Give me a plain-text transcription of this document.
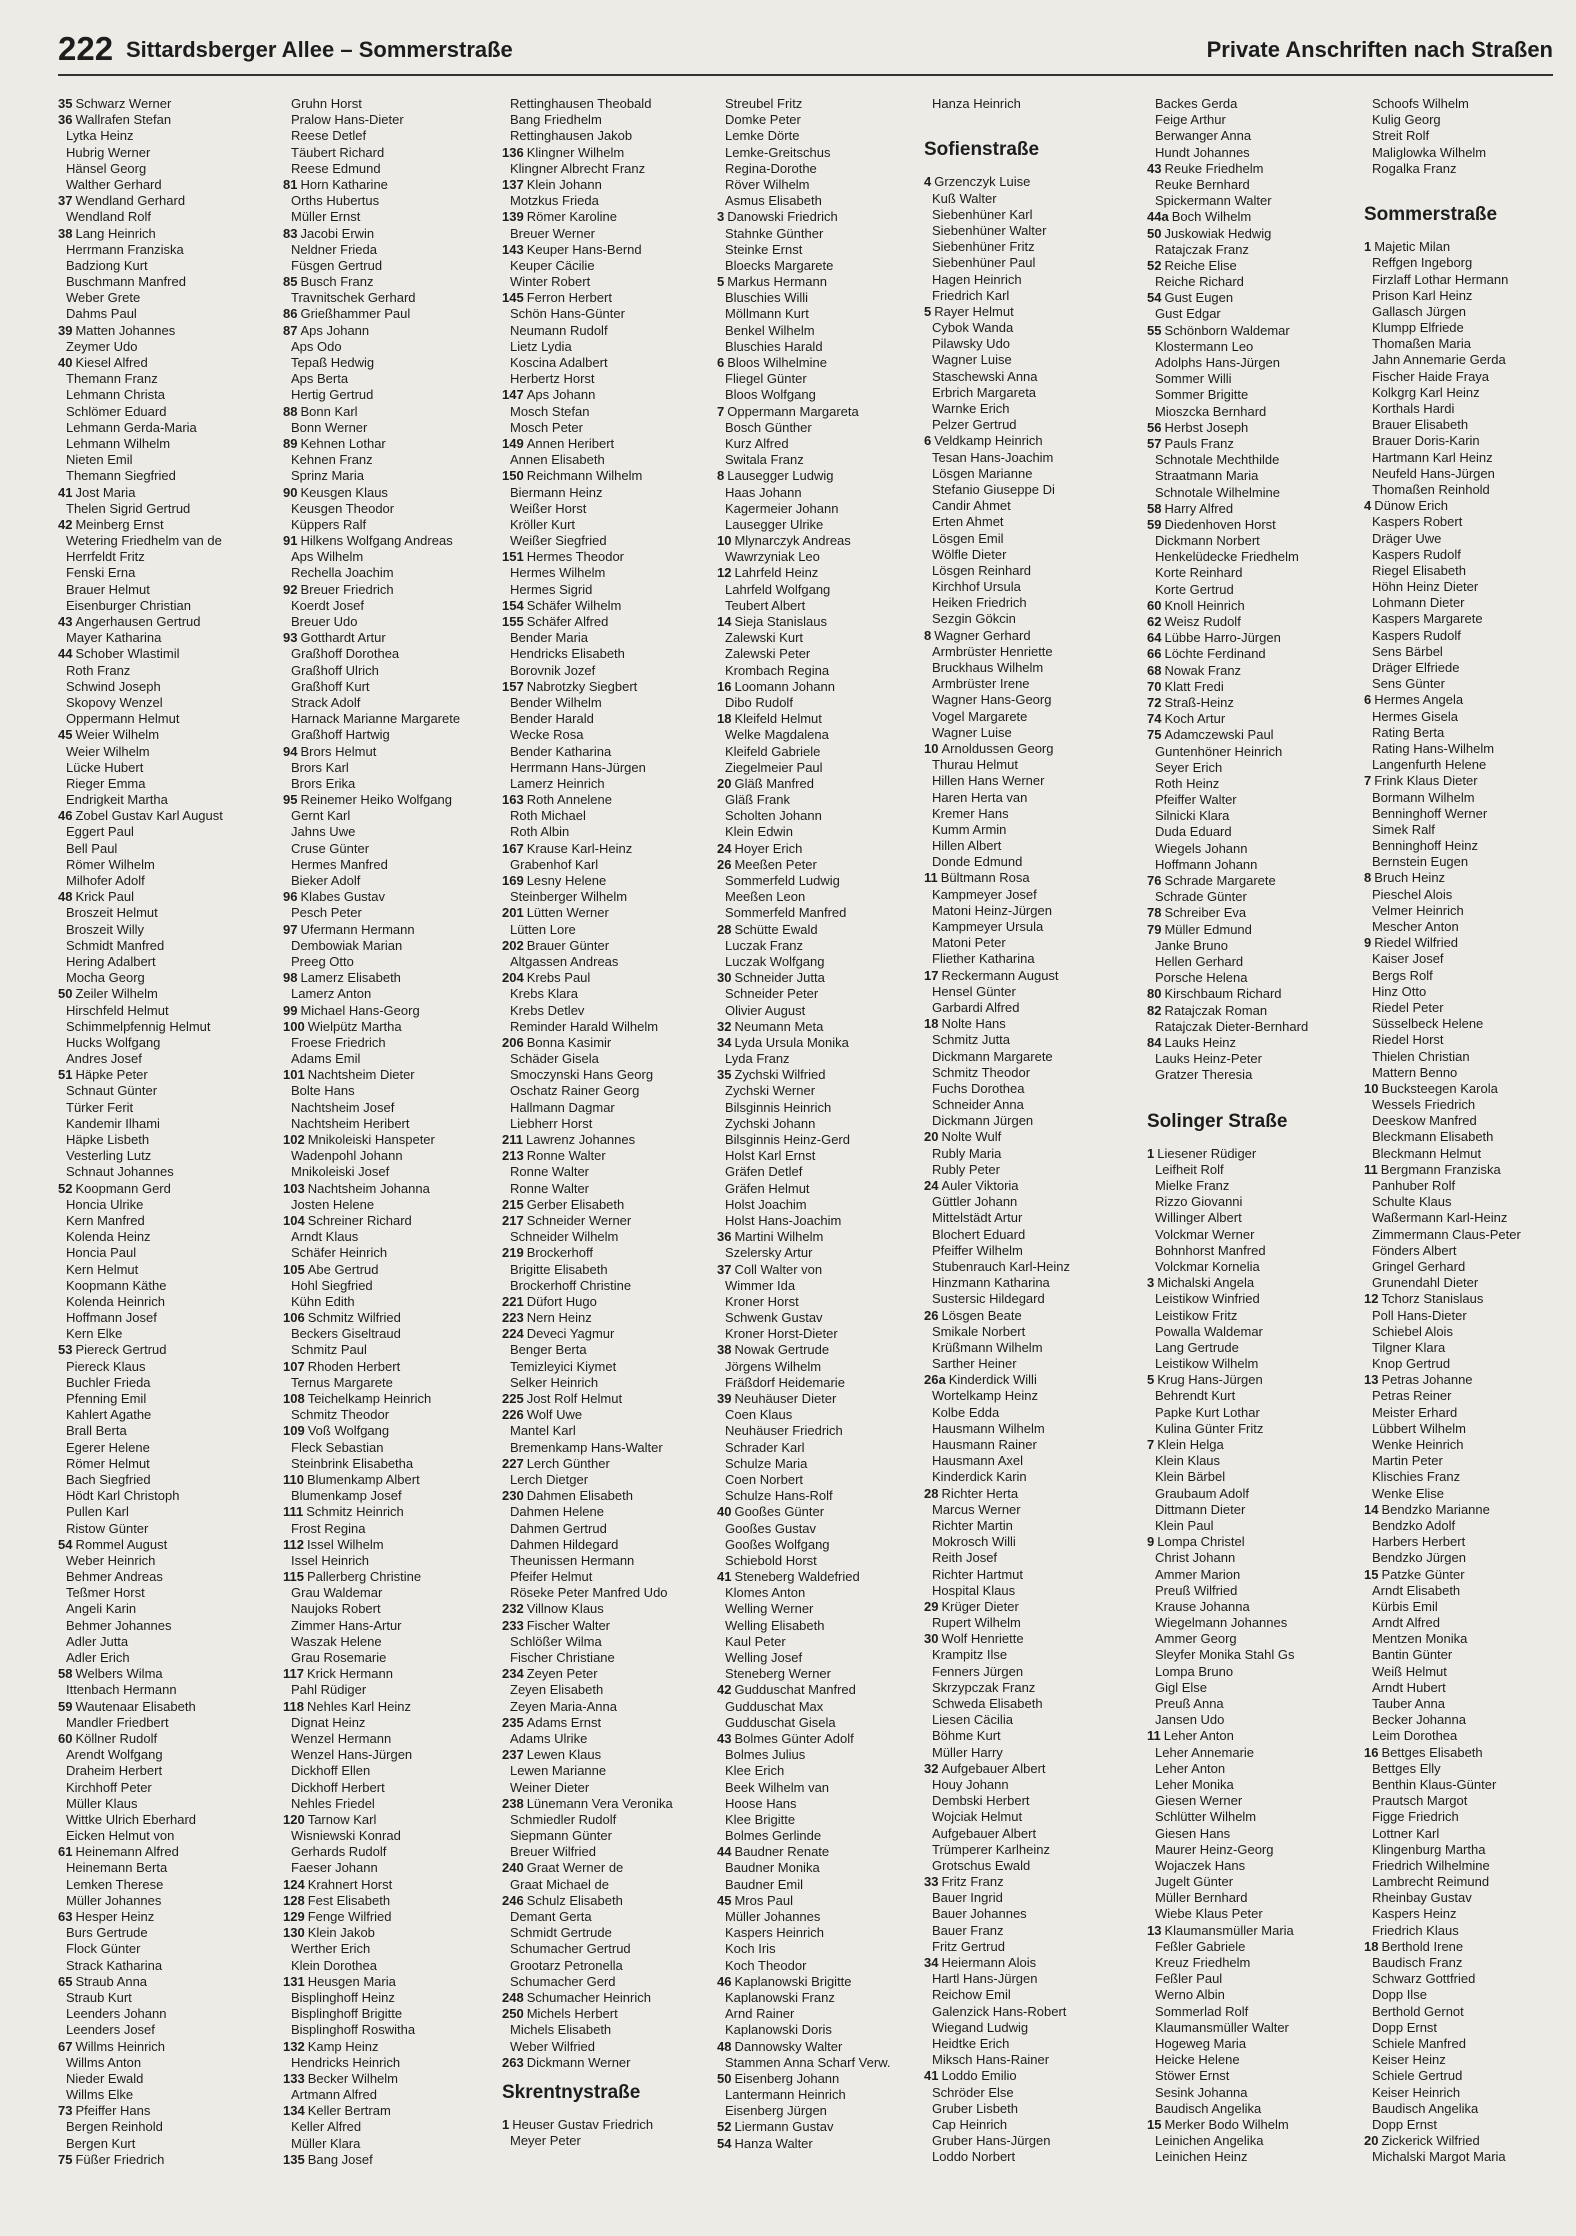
222 Sittardsberger Allee – Sommerstraße	Private Anschriften nach Straßen
35 Schwarz Werner
36 Wallrafen Stefan
Lytka Heinz
Hubrig Werner
Hänsel Georg
Walther Gerhard
37 Wendland Gerhard
Wendland Rolf
38 Lang Heinrich
Herrmann Franziska
Badziong Kurt
Buschmann Manfred
Weber Grete
Dahms Paul
39 Matten Johannes
Zeymer Udo
40 Kiesel Alfred
Themann Franz
Lehmann Christa
Schlömer Eduard
Lehmann Gerda-Maria
Lehmann Wilhelm
Nieten Emil
Themann Siegfried
41 Jost Maria
Thelen Sigrid Gertrud
42 Meinberg Ernst
Wetering Friedhelm van de
Herrfeldt Fritz
Fenski Erna
Brauer Helmut
Eisenburger Christian
43 Angerhausen Gertrud
Mayer Katharina
44 Schober Wlastimil
Roth Franz
Schwind Joseph
Skopovy Wenzel
Oppermann Helmut
45 Weier Wilhelm
Weier Wilhelm
Lücke Hubert
Rieger Emma
Endrigkeit Martha
46 Zobel Gustav Karl August
Eggert Paul
Bell Paul
Römer Wilhelm
Milhofer Adolf
48 Krick Paul
Broszeit Helmut
Broszeit Willy
Schmidt Manfred
Hering Adalbert
Mocha Georg
50 Zeiler Wilhelm
Hirschfeld Helmut
Schimmelpfennig Helmut
Hucks Wolfgang
Andres Josef
51 Häpke Peter
Schnaut Günter
Türker Ferit
Kandemir Ilhami
Häpke Lisbeth
Vesterling Lutz
Schnaut Johannes
52 Koopmann Gerd
Honcia Ulrike
Kern Manfred
Kolenda Heinz
Honcia Paul
Kern Helmut
Koopmann Käthe
Kolenda Heinrich
Hoffmann Josef
Kern Elke
53 Piereck Gertrud
Piereck Klaus
Buchler Frieda
Pfenning Emil
Kahlert Agathe
Brall Berta
Egerer Helene
Römer Helmut
Bach Siegfried
Hödt Karl Christoph
Pullen Karl
Ristow Günter
54 Rommel August
Weber Heinrich
Behmer Andreas
Teßmer Horst
Angeli Karin
Behmer Johannes
Adler Jutta
Adler Erich
58 Welbers Wilma
Ittenbach Hermann
59 Wautenaar Elisabeth
Mandler Friedbert
60 Köllner Rudolf
Arendt Wolfgang
Draheim Herbert
Kirchhoff Peter
Müller Klaus
Wittke Ulrich Eberhard
Eicken Helmut von
61 Heinemann Alfred
Heinemann Berta
Lemken Therese
Müller Johannes
63 Hesper Heinz
Burs Gertrude
Flock Günter
Strack Katharina
65 Straub Anna
Straub Kurt
Leenders Johann
Leenders Josef
67 Willms Heinrich
Willms Anton
Nieder Ewald
Willms Elke
73 Pfeiffer Hans
Bergen Reinhold
Bergen Kurt
75 Füßer Friedrich
Gruhn Horst
Pralow Hans-Dieter
Reese Detlef
Täubert Richard
Reese Edmund
81 Horn Katharine
Orths Hubertus
Müller Ernst
83 Jacobi Erwin
Neldner Frieda
Füsgen Gertrud
85 Busch Franz
Travnitschek Gerhard
86 Grießhammer Paul
87 Aps Johann
Aps Odo
Tepaß Hedwig
Aps Berta
Hertig Gertrud
88 Bonn Karl
Bonn Werner
89 Kehnen Lothar
Kehnen Franz
Sprinz Maria
90 Keusgen Klaus
Keusgen Theodor
Küppers Ralf
91 Hilkens Wolfgang Andreas
Aps Wilhelm
Rechella Joachim
92 Breuer Friedrich
Koerdt Josef
Breuer Udo
93 Gotthardt Artur
Graßhoff Dorothea
Graßhoff Ulrich
Graßhoff Kurt
Strack Adolf
Harnack Marianne Margarete
Graßhoff Hartwig
94 Brors Helmut
Brors Karl
Brors Erika
95 Reinemer Heiko Wolfgang
Gernt Karl
Jahns Uwe
Cruse Günter
Hermes Manfred
Bieker Adolf
96 Klabes Gustav
Pesch Peter
97 Ufermann Hermann
Dembowiak Marian
Preeg Otto
98 Lamerz Elisabeth
Lamerz Anton
99 Michael Hans-Georg
100 Wielpütz Martha
Froese Friedrich
Adams Emil
101 Nachtsheim Dieter
Bolte Hans
Nachtsheim Josef
Nachtsheim Heribert
102 Mnikoleiski Hanspeter
Wadenpohl Johann
Mnikoleiski Josef
103 Nachtsheim Johanna
Josten Helene
104 Schreiner Richard
Arndt Klaus
Schäfer Heinrich
105 Abe Gertrud
Hohl Siegfried
Kühn Edith
106 Schmitz Wilfried
Beckers Giseltraud
Schmitz Paul
107 Rhoden Herbert
Ternus Margarete
108 Teichelkamp Heinrich
Schmitz Theodor
109 Voß Wolfgang
Fleck Sebastian
Steinbrink Elisabetha
110 Blumenkamp Albert
Blumenkamp Josef
111 Schmitz Heinrich
Frost Regina
112 Issel Wilhelm
Issel Heinrich
115 Pallerberg Christine
Grau Waldemar
Naujoks Robert
Zimmer Hans-Artur
Waszak Helene
Grau Rosemarie
117 Krick Hermann
Pahl Rüdiger
118 Nehles Karl Heinz
Dignat Heinz
Wenzel Hermann
Wenzel Hans-Jürgen
Dickhoff Ellen
Dickhoff Herbert
Nehles Friedel
120 Tarnow Karl
Wisniewski Konrad
Gerhards Rudolf
Faeser Johann
124 Krahnert Horst
128 Fest Elisabeth
129 Fenge Wilfried
130 Klein Jakob
Werther Erich
Klein Dorothea
131 Heusgen Maria
Bisplinghoff Heinz
Bisplinghoff Brigitte
Bisplinghoff Roswitha
132 Kamp Heinz
Hendricks Heinrich
133 Becker Wilhelm
Artmann Alfred
134 Keller Bertram
Keller Alfred
Müller Klara
135 Bang Josef
Rettinghausen Theobald
Bang Friedhelm
Rettinghausen Jakob
136 Klingner Wilhelm
Klingner Albrecht Franz
137 Klein Johann
Motzkus Frieda
139 Römer Karoline
Breuer Werner
143 Keuper Hans-Bernd
Keuper Cäcilie
Winter Robert
145 Ferron Herbert
Schön Hans-Günter
Neumann Rudolf
Lietz Lydia
Koscina Adalbert
Herbertz Horst
147 Aps Johann
Mosch Stefan
Mosch Peter
149 Annen Heribert
Annen Elisabeth
150 Reichmann Wilhelm
Biermann Heinz
Weißer Horst
Kröller Kurt
Weißer Siegfried
151 Hermes Theodor
Hermes Wilhelm
Hermes Sigrid
154 Schäfer Wilhelm
155 Schäfer Alfred
Bender Maria
Hendricks Elisabeth
Borovnik Jozef
157 Nabrotzky Siegbert
Bender Wilhelm
Bender Harald
Wecke Rosa
Bender Katharina
Herrmann Hans-Jürgen
Lamerz Heinrich
163 Roth Annelene
Roth Michael
Roth Albin
167 Krause Karl-Heinz
Grabenhof Karl
169 Lesny Helene
Steinberger Wilhelm
201 Lütten Werner
Lütten Lore
202 Brauer Günter
Altgassen Andreas
204 Krebs Paul
Krebs Klara
Krebs Detlev
Reminder Harald Wilhelm
206 Bonna Kasimir
Schäder Gisela
Smoczynski Hans Georg
Oschatz Rainer Georg
Hallmann Dagmar
Liebherr Horst
211 Lawrenz Johannes
213 Ronne Walter
Ronne Walter
Ronne Walter
215 Gerber Elisabeth
217 Schneider Werner
Schneider Wilhelm
219 Brockerhoff
Brigitte Elisabeth
Brockerhoff Christine
221 Düfort Hugo
223 Nern Heinz
224 Deveci Yagmur
Benger Berta
Temizleyici Kiymet
Selker Heinrich
225 Jost Rolf Helmut
226 Wolf Uwe
Mantel Karl
Bremenkamp Hans-Walter
227 Lerch Günther
Lerch Dietger
230 Dahmen Elisabeth
Dahmen Helene
Dahmen Gertrud
Dahmen Hildegard
Theunissen Hermann
Pfeifer Helmut
Röseke Peter Manfred Udo
232 Villnow Klaus
233 Fischer Walter
Schlößer Wilma
Fischer Christiane
234 Zeyen Peter
Zeyen Elisabeth
Zeyen Maria-Anna
235 Adams Ernst
Adams Ulrike
237 Lewen Klaus
Lewen Marianne
Weiner Dieter
238 Lünemann Vera Veronika
Schmiedler Rudolf
Siepmann Günter
Breuer Wilfried
240 Graat Werner de
Graat Michael de
246 Schulz Elisabeth
Demant Gerta
Schmidt Gertrude
Schumacher Gertrud
Grootarz Petronella
Schumacher Gerd
248 Schumacher Heinrich
250 Michels Herbert
Michels Elisabeth
Weber Wilfried
263 Dickmann Werner
Skrentnystraße
1 Heuser Gustav Friedrich
Meyer Peter
Streubel Fritz
Domke Peter
Lemke Dörte
Lemke-Greitschus
Regina-Dorothe
Röver Wilhelm
Asmus Elisabeth
3 Danowski Friedrich
Stahnke Günther
Steinke Ernst
Bloecks Margarete
5 Markus Hermann
Bluschies Willi
Möllmann Kurt
Benkel Wilhelm
Bluschies Harald
6 Bloos Wilhelmine
Fliegel Günter
Bloos Wolfgang
7 Oppermann Margareta
Bosch Günther
Kurz Alfred
Switala Franz
8 Lausegger Ludwig
Haas Johann
Kagermeier Johann
Lausegger Ulrike
10 Mlynarczyk Andreas
Wawrzyniak Leo
12 Lahrfeld Heinz
Lahrfeld Wolfgang
Teubert Albert
14 Sieja Stanislaus
Zalewski Kurt
Zalewski Peter
Krombach Regina
16 Loomann Johann
Dibo Rudolf
18 Kleifeld Helmut
Welke Magdalena
Kleifeld Gabriele
Ziegelmeier Paul
20 Gläß Manfred
Gläß Frank
Scholten Johann
Klein Edwin
24 Hoyer Erich
26 Meeßen Peter
Sommerfeld Ludwig
Meeßen Leon
Sommerfeld Manfred
28 Schütte Ewald
Luczak Franz
Luczak Wolfgang
30 Schneider Jutta
Schneider Peter
Olivier August
32 Neumann Meta
34 Lyda Ursula Monika
Lyda Franz
35 Zychski Wilfried
Zychski Werner
Bilsginnis Heinrich
Zychski Johann
Bilsginnis Heinz-Gerd
Holst Karl Ernst
Gräfen Detlef
Gräfen Helmut
Holst Joachim
Holst Hans-Joachim
36 Martini Wilhelm
Szelersky Artur
37 Coll Walter von
Wimmer Ida
Kroner Horst
Schwenk Gustav
Kroner Horst-Dieter
38 Nowak Gertrude
Jörgens Wilhelm
Fräßdorf Heidemarie
39 Neuhäuser Dieter
Coen Klaus
Neuhäuser Friedrich
Schrader Karl
Schulze Maria
Coen Norbert
Schulze Hans-Rolf
40 Gooßes Günter
Gooßes Gustav
Gooßes Wolfgang
Schiebold Horst
41 Steneberg Waldefried
Klomes Anton
Welling Werner
Welling Elisabeth
Kaul Peter
Welling Josef
Steneberg Werner
42 Gudduschat Manfred
Gudduschat Max
Gudduschat Gisela
43 Bolmes Günter Adolf
Bolmes Julius
Klee Erich
Beek Wilhelm van
Hoose Hans
Klee Brigitte
Bolmes Gerlinde
44 Baudner Renate
Baudner Monika
Baudner Emil
45 Mros Paul
Müller Johannes
Kaspers Heinrich
Koch Iris
Koch Theodor
46 Kaplanowski Brigitte
Kaplanowski Franz
Arnd Rainer
Kaplanowski Doris
48 Dannowsky Walter
Stammen Anna Scharf Verw.
50 Eisenberg Johann
Lantermann Heinrich
Eisenberg Jürgen
52 Liermann Gustav
54 Hanza Walter
Hanza Heinrich
Sofienstraße
4 Grzenczyk Luise
Kuß Walter
Siebenhüner Karl
Siebenhüner Walter
Siebenhüner Fritz
Siebenhüner Paul
Hagen Heinrich
Friedrich Karl
5 Rayer Helmut
Cybok Wanda
Pilawsky Udo
Wagner Luise
Staschewski Anna
Erbrich Margareta
Warnke Erich
Pelzer Gertrud
6 Veldkamp Heinrich
Tesan Hans-Joachim
Lösgen Marianne
Stefanio Giuseppe Di
Candir Ahmet
Erten Ahmet
Lösgen Emil
Wölfle Dieter
Lösgen Reinhard
Kirchhof Ursula
Heiken Friedrich
Sezgin Gökcin
8 Wagner Gerhard
Armbrüster Henriette
Bruckhaus Wilhelm
Armbrüster Irene
Wagner Hans-Georg
Vogel Margarete
Wagner Luise
10 Arnoldussen Georg
Thurau Helmut
Hillen Hans Werner
Haren Herta van
Kremer Hans
Kumm Armin
Hillen Albert
Donde Edmund
11 Bültmann Rosa
Kampmeyer Josef
Matoni Heinz-Jürgen
Kampmeyer Ursula
Matoni Peter
Fliether Katharina
17 Reckermann August
Hensel Günter
Garbardi Alfred
18 Nolte Hans
Schmitz Jutta
Dickmann Margarete
Schmitz Theodor
Fuchs Dorothea
Schneider Anna
Dickmann Jürgen
20 Nolte Wulf
Rubly Maria
Rubly Peter
24 Auler Viktoria
Güttler Johann
Mittelstädt Artur
Blochert Eduard
Pfeiffer Wilhelm
Stubenrauch Karl-Heinz
Hinzmann Katharina
Sustersic Hildegard
26 Lösgen Beate
Smikale Norbert
Krüßmann Wilhelm
Sarther Heiner
26a Kinderdick Willi
Wortelkamp Heinz
Kolbe Edda
Hausmann Wilhelm
Hausmann Rainer
Hausmann Axel
Kinderdick Karin
28 Richter Herta
Marcus Werner
Richter Martin
Mokrosch Willi
Reith Josef
Richter Hartmut
Hospital Klaus
29 Krüger Dieter
Rupert Wilhelm
30 Wolf Henriette
Krampitz Ilse
Fenners Jürgen
Skrzypczak Franz
Schweda Elisabeth
Liesen Cäcilia
Böhme Kurt
Müller Harry
32 Aufgebauer Albert
Houy Johann
Dembski Herbert
Wojciak Helmut
Aufgebauer Albert
Trümperer Karlheinz
Grotschus Ewald
33 Fritz Franz
Bauer Ingrid
Bauer Johannes
Bauer Franz
Fritz Gertrud
34 Heiermann Alois
Hartl Hans-Jürgen
Reichow Emil
Galenzick Hans-Robert
Wiegand Ludwig
Heidtke Erich
Miksch Hans-Rainer
41 Loddo Emilio
Schröder Else
Gruber Lisbeth
Cap Heinrich
Gruber Hans-Jürgen
Loddo Norbert
Backes Gerda
Feige Arthur
Berwanger Anna
Hundt Johannes
43 Reuke Friedhelm
Reuke Bernhard
Spickermann Walter
44a Boch Wilhelm
50 Juskowiak Hedwig
Ratajczak Franz
52 Reiche Elise
Reiche Richard
54 Gust Eugen
Gust Edgar
55 Schönborn Waldemar
Klostermann Leo
Adolphs Hans-Jürgen
Sommer Willi
Sommer Brigitte
Mioszcka Bernhard
56 Herbst Joseph
57 Pauls Franz
Schnotale Mechthilde
Straatmann Maria
Schnotale Wilhelmine
58 Harry Alfred
59 Diedenhoven Horst
Dickmann Norbert
Henkelüdecke Friedhelm
Korte Reinhard
Korte Gertrud
60 Knoll Heinrich
62 Weisz Rudolf
64 Lübbe Harro-Jürgen
66 Löchte Ferdinand
68 Nowak Franz
70 Klatt Fredi
72 Straß-Heinz
74 Koch Artur
75 Adamczewski Paul
Guntenhöner Heinrich
Seyer Erich
Roth Heinz
Pfeiffer Walter
Silnicki Klara
Duda Eduard
Wiegels Johann
Hoffmann Johann
76 Schrade Margarete
Schrade Günter
78 Schreiber Eva
79 Müller Edmund
Janke Bruno
Hellen Gerhard
Porsche Helena
80 Kirschbaum Richard
82 Ratajczak Roman
Ratajczak Dieter-Bernhard
84 Lauks Heinz
Lauks Heinz-Peter
Gratzer Theresia
Solinger Straße
1 Liesener Rüdiger
Leifheit Rolf
Mielke Franz
Rizzo Giovanni
Willinger Albert
Volckmar Werner
Bohnhorst Manfred
Volckmar Kornelia
3 Michalski Angela
Leistikow Winfried
Leistikow Fritz
Powalla Waldemar
Lang Gertrude
Leistikow Wilhelm
5 Krug Hans-Jürgen
Behrendt Kurt
Papke Kurt Lothar
Kulina Günter Fritz
7 Klein Helga
Klein Klaus
Klein Bärbel
Graubaum Adolf
Dittmann Dieter
Klein Paul
9 Lompa Christel
Christ Johann
Ammer Marion
Preuß Wilfried
Krause Johanna
Wiegelmann Johannes
Ammer Georg
Sleyfer Monika Stahl Gs
Lompa Bruno
Gigl Else
Preuß Anna
Jansen Udo
11 Leher Anton
Leher Annemarie
Leher Anton
Leher Monika
Giesen Werner
Schlütter Wilhelm
Giesen Hans
Maurer Heinz-Georg
Wojaczek Hans
Jugelt Günter
Müller Bernhard
Wiebe Klaus Peter
13 Klaumansmüller Maria
Feßler Gabriele
Kreuz Friedhelm
Feßler Paul
Werno Albin
Sommerlad Rolf
Klaumansmüller Walter
Hogeweg Maria
Heicke Helene
Stöwer Ernst
Sesink Johanna
Baudisch Angelika
15 Merker Bodo Wilhelm
Leinichen Angelika
Leinichen Heinz
Schoofs Wilhelm
Kulig Georg
Streit Rolf
Maliglowka Wilhelm
Rogalka Franz
Sommerstraße
1 Majetic Milan
Reffgen Ingeborg
Firzlaff Lothar Hermann
Prison Karl Heinz
Gallasch Jürgen
Klumpp Elfriede
Thomaßen Maria
Jahn Annemarie Gerda
Fischer Haide Fraya
Kolkgrg Karl Heinz
Korthals Hardi
Brauer Elisabeth
Brauer Doris-Karin
Hartmann Karl Heinz
Neufeld Hans-Jürgen
Thomaßen Reinhold
4 Dünow Erich
Kaspers Robert
Dräger Uwe
Kaspers Rudolf
Riegel Elisabeth
Höhn Heinz Dieter
Lohmann Dieter
Kaspers Margarete
Kaspers Rudolf
Sens Bärbel
Dräger Elfriede
Sens Günter
6 Hermes Angela
Hermes Gisela
Rating Berta
Rating Hans-Wilhelm
Langenfurth Helene
7 Frink Klaus Dieter
Bormann Wilhelm
Benninghoff Werner
Simek Ralf
Benninghoff Heinz
Bernstein Eugen
8 Bruch Heinz
Pieschel Alois
Velmer Heinrich
Mescher Anton
9 Riedel Wilfried
Kaiser Josef
Bergs Rolf
Hinz Otto
Riedel Peter
Süsselbeck Helene
Riedel Horst
Thielen Christian
Mattern Benno
10 Bucksteegen Karola
Wessels Friedrich
Deeskow Manfred
Bleckmann Elisabeth
Bleckmann Helmut
11 Bergmann Franziska
Panhuber Rolf
Schulte Klaus
Waßermann Karl-Heinz
Zimmermann Claus-Peter
Fönders Albert
Gringel Gerhard
Grunendahl Dieter
12 Tchorz Stanislaus
Poll Hans-Dieter
Schiebel Alois
Tilgner Klara
Knop Gertrud
13 Petras Johanne
Petras Reiner
Meister Erhard
Lübbert Wilhelm
Wenke Heinrich
Martin Peter
Klischies Franz
Wenke Elise
14 Bendzko Marianne
Bendzko Adolf
Harbers Herbert
Bendzko Jürgen
15 Patzke Günter
Arndt Elisabeth
Kürbis Emil
Arndt Alfred
Mentzen Monika
Bantin Günter
Weiß Helmut
Arndt Hubert
Tauber Anna
Becker Johanna
Leim Dorothea
16 Bettges Elisabeth
Bettges Elly
Benthin Klaus-Günter
Prautsch Margot
Figge Friedrich
Lottner Karl
Klingenburg Martha
Friedrich Wilhelmine
Lambrecht Reimund
Rheinbay Gustav
Kaspers Heinz
Friedrich Klaus
18 Berthold Irene
Baudisch Franz
Schwarz Gottfried
Dopp Ilse
Berthold Gernot
Dopp Ernst
Schiele Manfred
Keiser Heinz
Schiele Gertrud
Keiser Heinrich
Baudisch Angelika
Dopp Ernst
20 Zickerick Wilfried
Michalski Margot Maria
